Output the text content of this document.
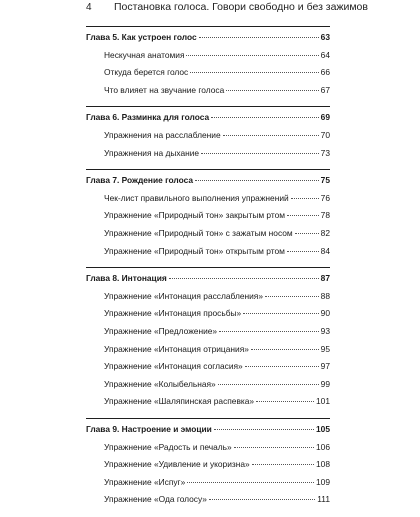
4	Постановка голоса. Говори свободно и без зажимов
Глава 5. Как устроен голос	63
Нескучная анатомия	64
Откуда берется голос	66
Что влияет на звучание голоса	67
Глава 6. Разминка для голоса	69
Упражнения на расслабление	70
Упражнения на дыхание	73
Глава 7. Рождение голоса	75
Чек-лист правильного выполнения упражнений	76
Упражнение «Природный тон» закрытым ртом	78
Упражнение «Природный тон» с зажатым носом	82
Упражнение «Природный тон» открытым ртом	84
Глава 8. Интонация	87
Упражнение «Интонация расслабления»	88
Упражнение «Интонация просьбы»	90
Упражнение «Предложение»	93
Упражнение «Интонация отрицания»	95
Упражнение «Интонация согласия»	97
Упражнение «Колыбельная»	99
Упражнение «Шаляпинская распевка»	101
Глава 9. Настроение и эмоции	105
Упражнение «Радость и печаль»	106
Упражнение «Удивление и укоризна»	108
Упражнение «Испуг»	109
Упражнение «Ода голосу»	111
